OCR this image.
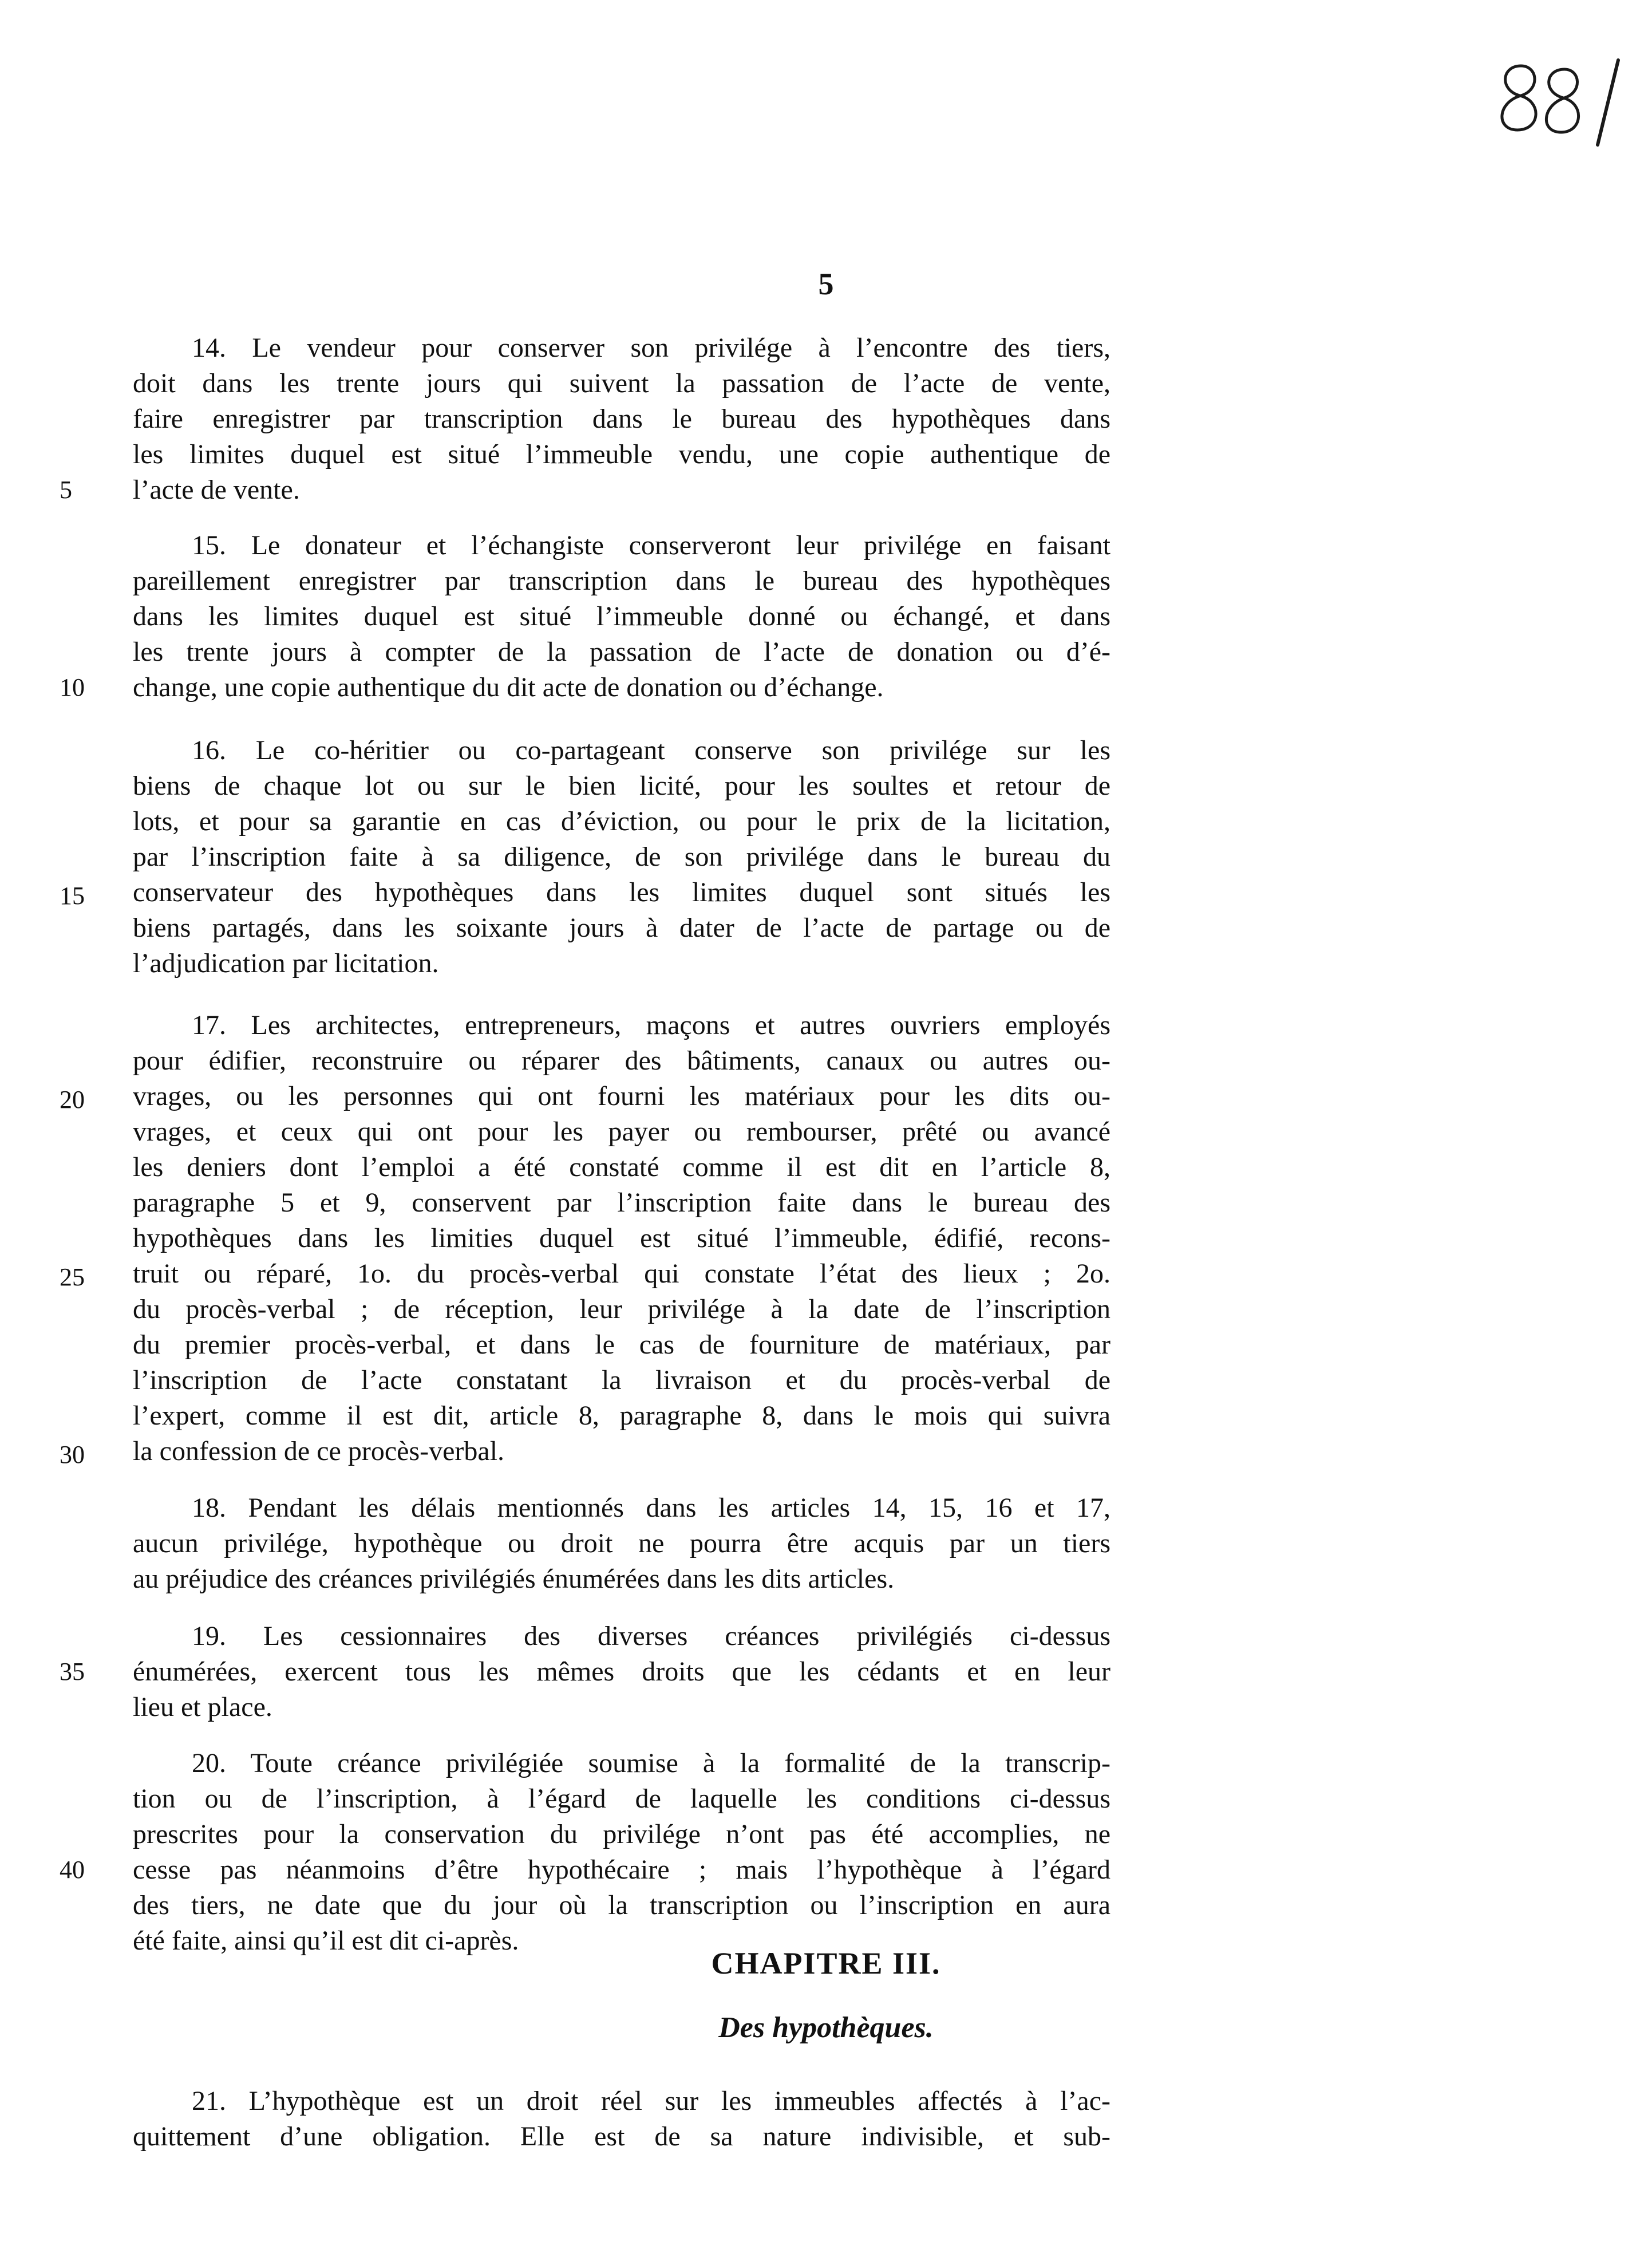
5
14. Le vendeur pour conserver son privilége à l’encontre des tiers,
doit dans les trente jours qui suivent la passation de l’acte de vente,
faire enregistrer par transcription dans le bureau des hypothèques dans
les limites duquel est situé l’immeuble vendu, une copie authentique de
l’acte de vente.
15. Le donateur et l’échangiste conserveront leur privilége en faisant
pareillement enregistrer par transcription dans le bureau des hypothèques
dans les limites duquel est situé l’immeuble donné ou échangé, et dans
les trente jours à compter de la passation de l’acte de donation ou d’é-
change, une copie authentique du dit acte de donation ou d’échange.
16. Le co-héritier ou co-partageant conserve son privilége sur les
biens de chaque lot ou sur le bien licité, pour les soultes et retour de
lots, et pour sa garantie en cas d’éviction, ou pour le prix de la licitation,
par l’inscription faite à sa diligence, de son privilége dans le bureau du
conservateur des hypothèques dans les limites duquel sont situés les
biens partagés, dans les soixante jours à dater de l’acte de partage ou de
l’adjudication par licitation.
17. Les architectes, entrepreneurs, maçons et autres ouvriers employés
pour édifier, reconstruire ou réparer des bâtiments, canaux ou autres ou-
vrages, ou les personnes qui ont fourni les matériaux pour les dits ou-
vrages, et ceux qui ont pour les payer ou rembourser, prêté ou avancé
les deniers dont l’emploi a été constaté comme il est dit en l’article 8,
paragraphe 5 et 9, conservent par l’inscription faite dans le bureau des
hypothèques dans les limities duquel est situé l’immeuble, édifié, recons-
truit ou réparé, 1o. du procès-verbal qui constate l’état des lieux ; 2o.
du procès-verbal ; de réception, leur privilége à la date de l’inscription
du premier procès-verbal, et dans le cas de fourniture de matériaux, par
l’inscription de l’acte constatant la livraison et du procès-verbal de
l’expert, comme il est dit, article 8, paragraphe 8, dans le mois qui suivra
la confession de ce procès-verbal.
18. Pendant les délais mentionnés dans les articles 14, 15, 16 et 17,
aucun privilége, hypothèque ou droit ne pourra être acquis par un tiers
au préjudice des créances privilégiés énumérées dans les dits articles.
19. Les cessionnaires des diverses créances privilégiés ci-dessus
énumérées, exercent tous les mêmes droits que les cédants et en leur
lieu et place.
20. Toute créance privilégiée soumise à la formalité de la transcrip-
tion ou de l’inscription, à l’égard de laquelle les conditions ci-dessus
prescrites pour la conservation du privilége n’ont pas été accomplies, ne
cesse pas néanmoins d’être hypothécaire ; mais l’hypothèque à l’égard
des tiers, ne date que du jour où la transcription ou l’inscription en aura
été faite, ainsi qu’il est dit ci-après.
CHAPITRE III.
Des hypothèques.
21. L’hypothèque est un droit réel sur les immeubles affectés à l’ac-
quittement d’une obligation. Elle est de sa nature indivisible, et sub-
5
10
15
20
25
30
35
40
